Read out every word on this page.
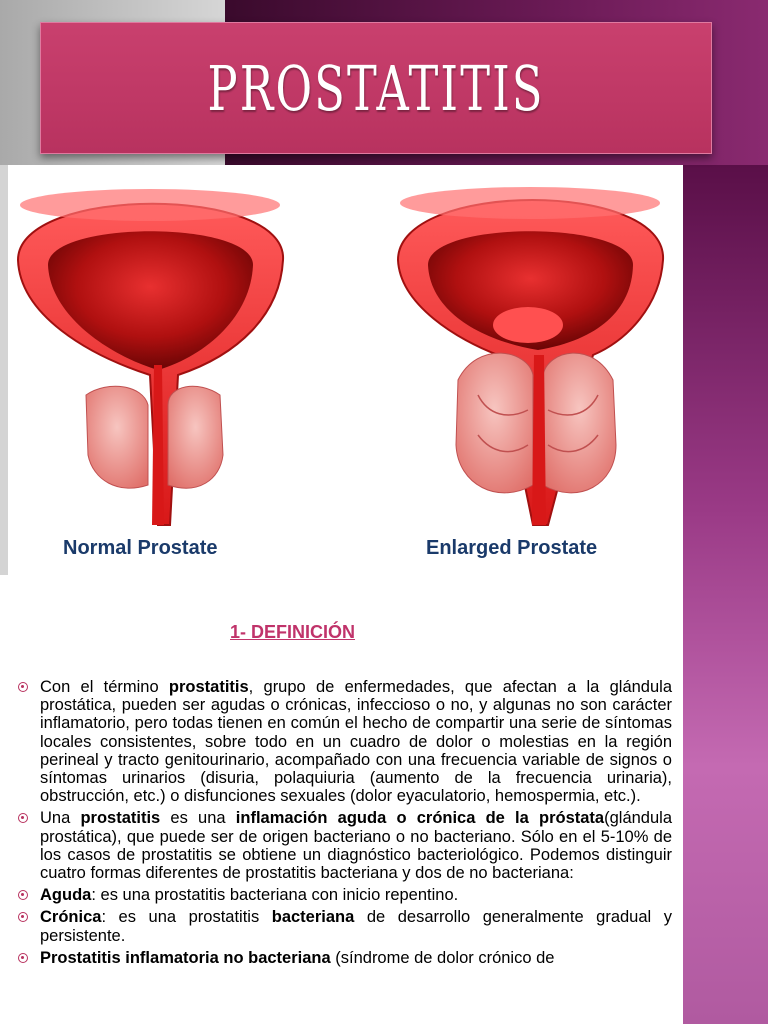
PROSTATITIS
Normal Prostate	Enlarged Prostate
1- DEFINICIÓN
Con el término prostatitis, grupo de enfermedades, que afectan a la glándula prostática, pueden ser agudas o crónicas, infeccioso o no, y algunas no son carácter inflamatorio, pero todas tienen en común el hecho de compartir una serie de síntomas locales consistentes, sobre todo en un cuadro de dolor o molestias en la región perineal y tracto genitourinario, acompañado con una frecuencia variable de signos o síntomas urinarios (disuria, polaquiuria (aumento de la frecuencia urinaria), obstrucción, etc.) o disfunciones sexuales (dolor eyaculatorio, hemospermia, etc.).
Una prostatitis es una inflamación aguda o crónica de la próstata(glándula prostática), que puede ser de origen bacteriano o no bacteriano. Sólo en el 5-10% de los casos de prostatitis se obtiene un diagnóstico bacteriológico. Podemos distinguir cuatro formas diferentes de prostatitis bacteriana y dos de no bacteriana:
Aguda: es una prostatitis bacteriana con inicio repentino.
Crónica: es una prostatitis bacteriana de desarrollo generalmente gradual y persistente.
Prostatitis inflamatoria no bacteriana (síndrome de dolor crónico de
